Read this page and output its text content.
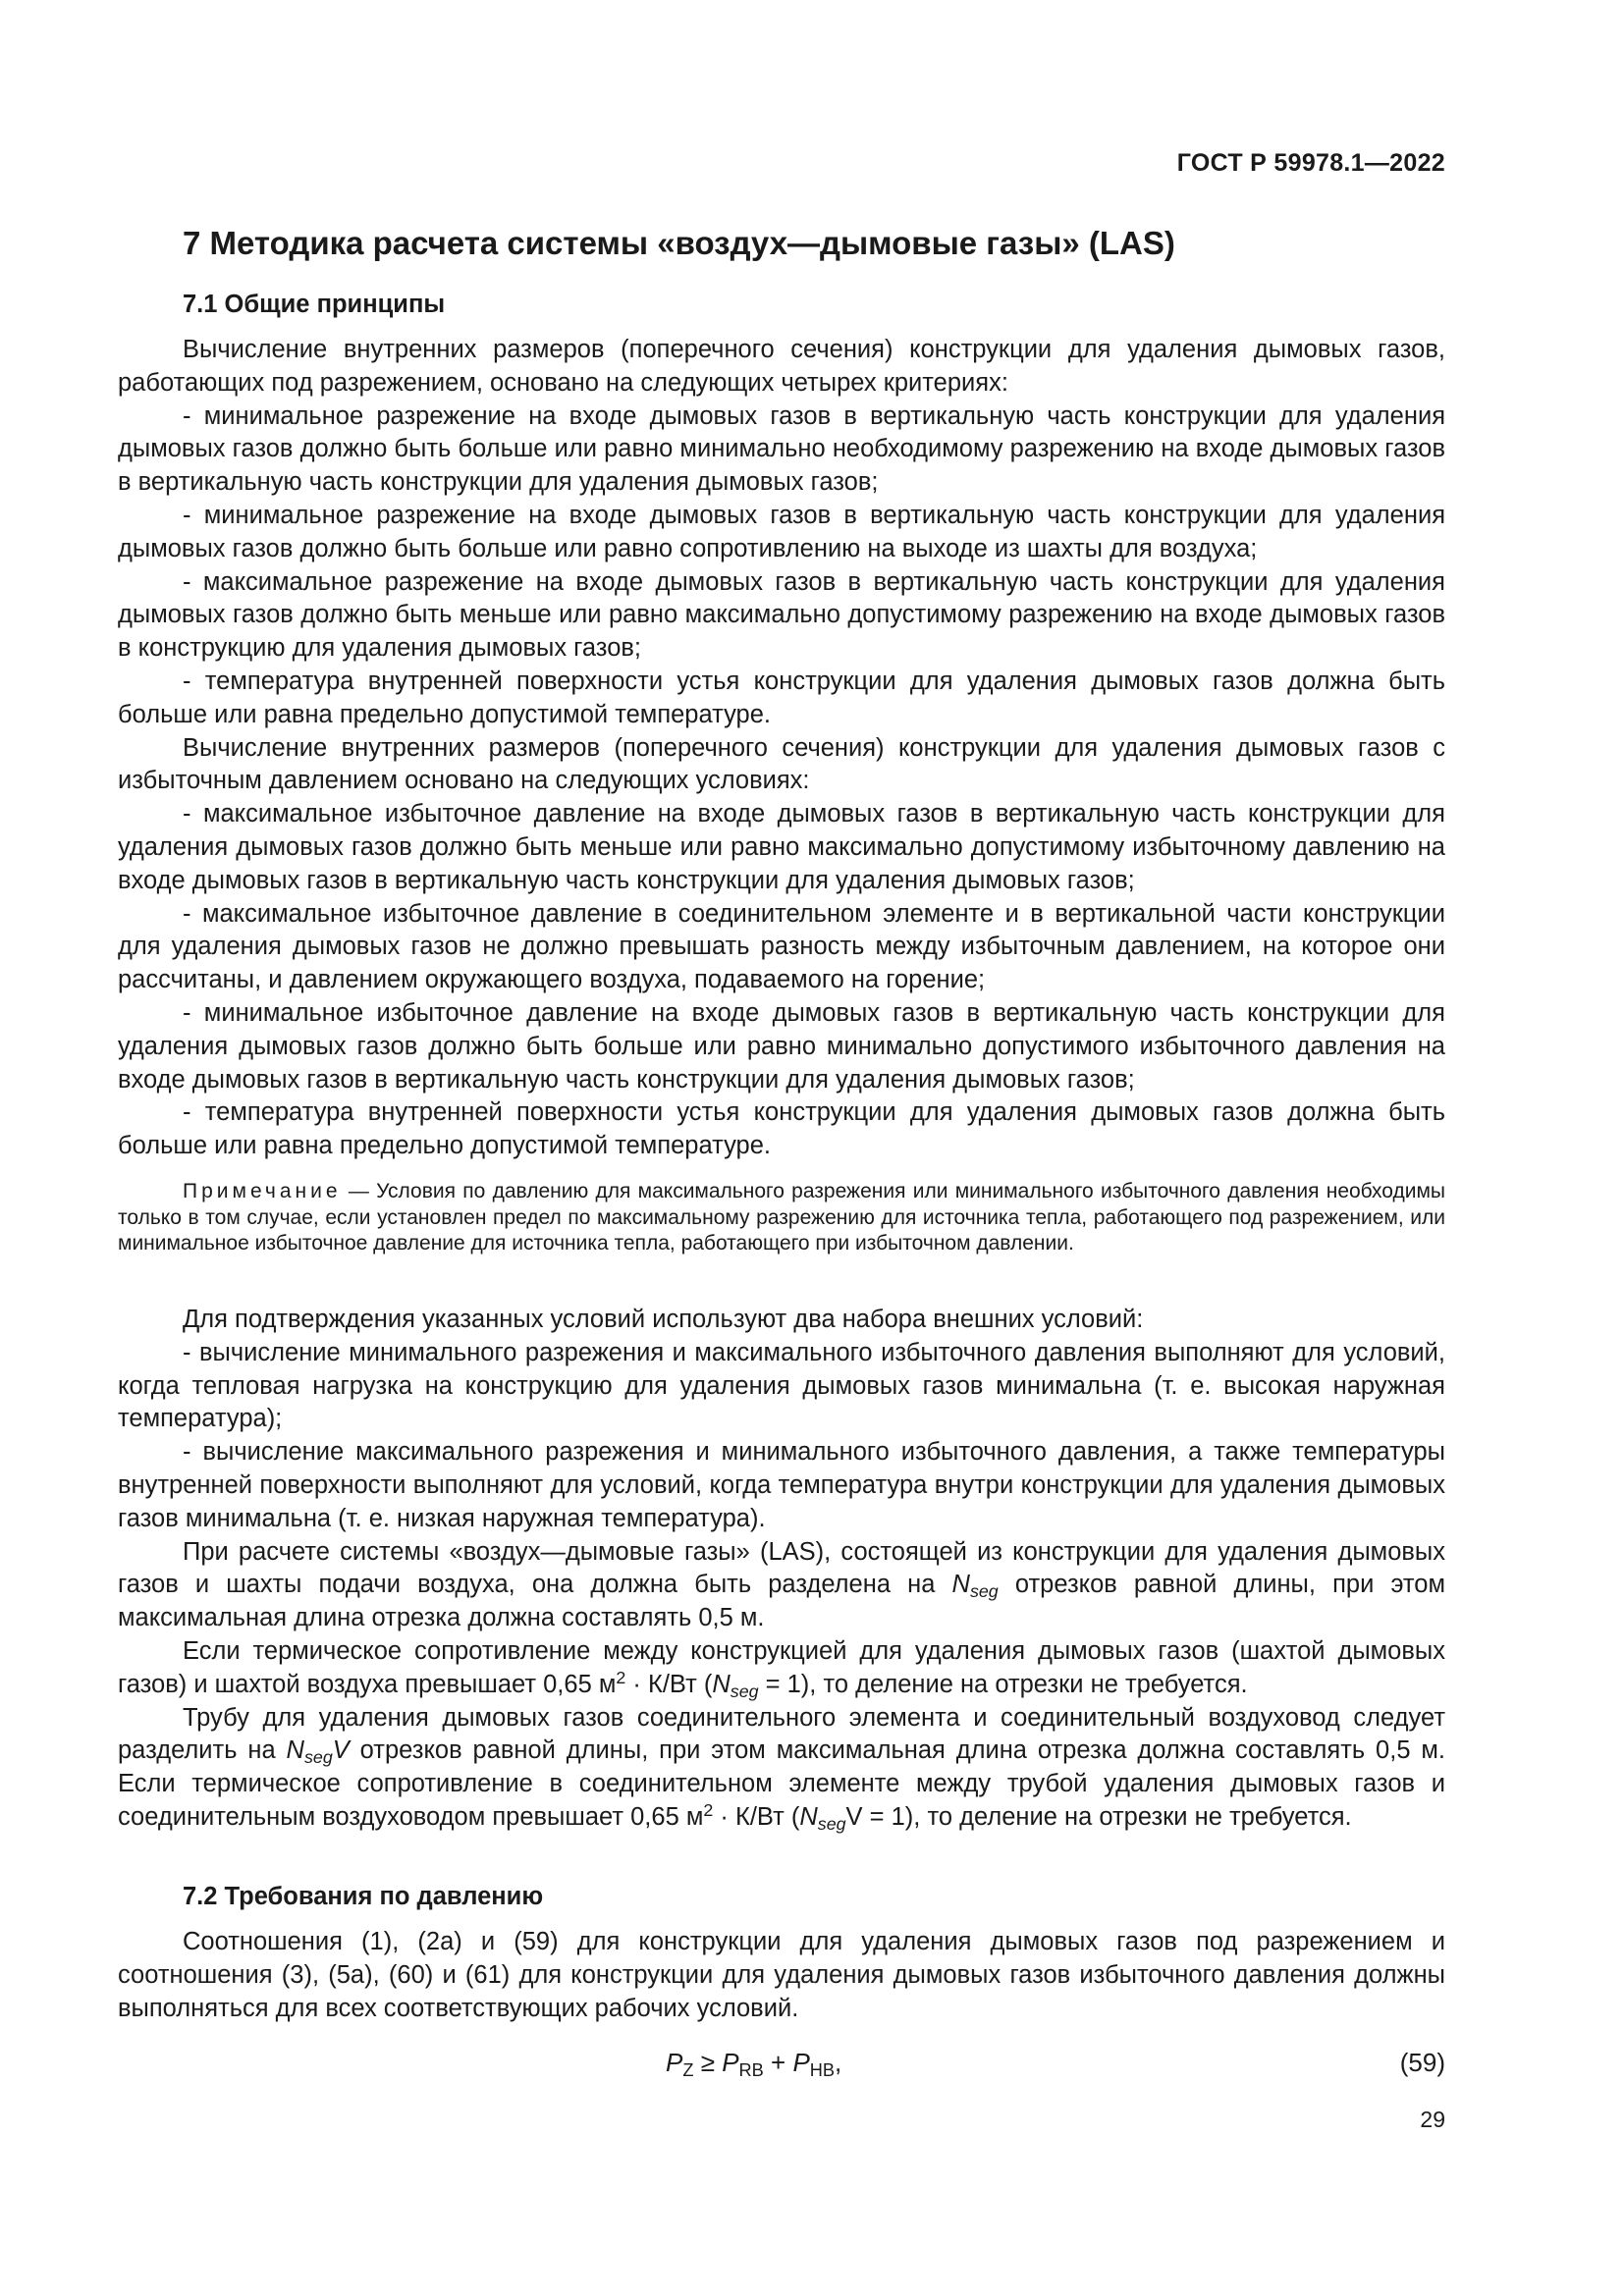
ГОСТ Р 59978.1—2022
7 Методика расчета системы «воздух—дымовые газы» (LAS)
7.1 Общие принципы

Вычисление внутренних размеров (поперечного сечения) конструкции для удаления дымовых газов, работающих под разрежением, основано на следующих четырех критериях:

- минимальное разрежение на входе дымовых газов в вертикальную часть конструкции для удаления дымовых газов должно быть больше или равно минимально необходимому разрежению на входе дымовых газов в вертикальную часть конструкции для удаления дымовых газов;

- минимальное разрежение на входе дымовых газов в вертикальную часть конструкции для удаления дымовых газов должно быть больше или равно сопротивлению на выходе из шахты для воздуха;

- максимальное разрежение на входе дымовых газов в вертикальную часть конструкции для удаления дымовых газов должно быть меньше или равно максимально допустимому разрежению на входе дымовых газов в конструкцию для удаления дымовых газов;

- температура внутренней поверхности устья конструкции для удаления дымовых газов должна быть больше или равна предельно допустимой температуре.

Вычисление внутренних размеров (поперечного сечения) конструкции для удаления дымовых газов с избыточным давлением основано на следующих условиях:

- максимальное избыточное давление на входе дымовых газов в вертикальную часть конструкции для удаления дымовых газов должно быть меньше или равно максимально допустимому избыточному давлению на входе дымовых газов в вертикальную часть конструкции для удаления дымовых газов;

- максимальное избыточное давление в соединительном элементе и в вертикальной части конструкции для удаления дымовых газов не должно превышать разность между избыточным давлением, на которое они рассчитаны, и давлением окружающего воздуха, подаваемого на горение;

- минимальное избыточное давление на входе дымовых газов в вертикальную часть конструкции для удаления дымовых газов должно быть больше или равно минимально допустимого избыточного давления на входе дымовых газов в вертикальную часть конструкции для удаления дымовых газов;

- температура внутренней поверхности устья конструкции для удаления дымовых газов должна быть больше или равна предельно допустимой температуре.

Примечание — Условия по давлению для максимального разрежения или минимального избыточного давления необходимы только в том случае, если установлен предел по максимальному разрежению для источника тепла, работающего под разрежением, или минимальное избыточное давление для источника тепла, работающего при избыточном давлении.

Для подтверждения указанных условий используют два набора внешних условий:

- вычисление минимального разрежения и максимального избыточного давления выполняют для условий, когда тепловая нагрузка на конструкцию для удаления дымовых газов минимальна (т. е. высокая наружная температура);

- вычисление максимального разрежения и минимального избыточного давления, а также температуры внутренней поверхности выполняют для условий, когда температура внутри конструкции для удаления дымовых газов минимальна (т. е. низкая наружная температура).

При расчете системы «воздух—дымовые газы» (LAS), состоящей из конструкции для удаления дымовых газов и шахты подачи воздуха, она должна быть разделена на $N_{seg}$ отрезков равной длины, при этом максимальная длина отрезка должна составлять 0,5 м.

Если термическое сопротивление между конструкцией для удаления дымовых газов (шахтой дымовых газов) и шахтой воздуха превышает 0,65 $м^2 \cdot К/Вт$ $(N_{seg} = 1)$, то деление на отрезки не требуется.

Трубу для удаления дымовых газов соединительного элемента и соединительный воздуховод следует разделить на $N_{seg}V$ отрезков равной длины, при этом максимальная длина отрезка должна составлять 0,5 м. Если термическое сопротивление в соединительном элементе между трубой удаления дымовых газов и соединительным воздуховодом превышает 0,65 $м^2 \cdot К/Вт$ $(N_{seg}V = 1)$, то деление на отрезки не требуется.

7.2 Требования по давлению

Соотношения (1), (2а) и (59) для конструкции для удаления дымовых газов под разрежением и соотношения (3), (5а), (60) и (61) для конструкции для удаления дымовых газов избыточного давления должны выполняться для всех соответствующих рабочих условий.

$P_Z \ge P_{RB} + P_{HB}$,	(59)
29
